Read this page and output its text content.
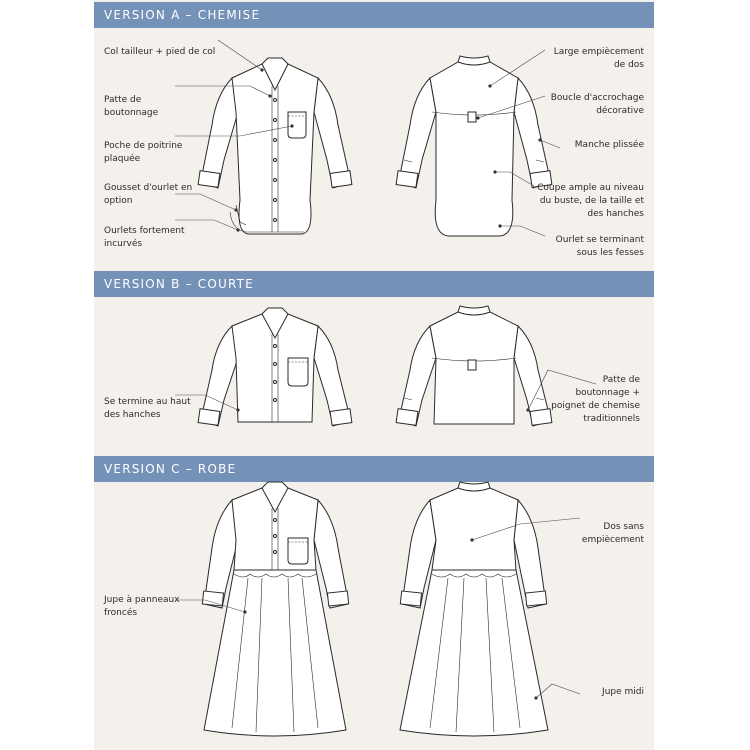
VERSION A – CHEMISE
VERSION B – COURTE
VERSION C – ROBE
Col tailleur + pied de col
Patte de boutonnage
Poche de poitrine plaquée
Gousset d'ourlet en option
Ourlets fortement incurvés
Large empiècement de dos
Boucle d'accrochage décorative
Manche plissée
Coupe ample au niveau du buste, de la taille et des hanches
Ourlet se terminant sous les fesses
Se termine au haut des hanches
Patte de boutonnage + poignet de chemise traditionnels
Jupe à panneaux froncés
Dos sans empiècement
Jupe midi
